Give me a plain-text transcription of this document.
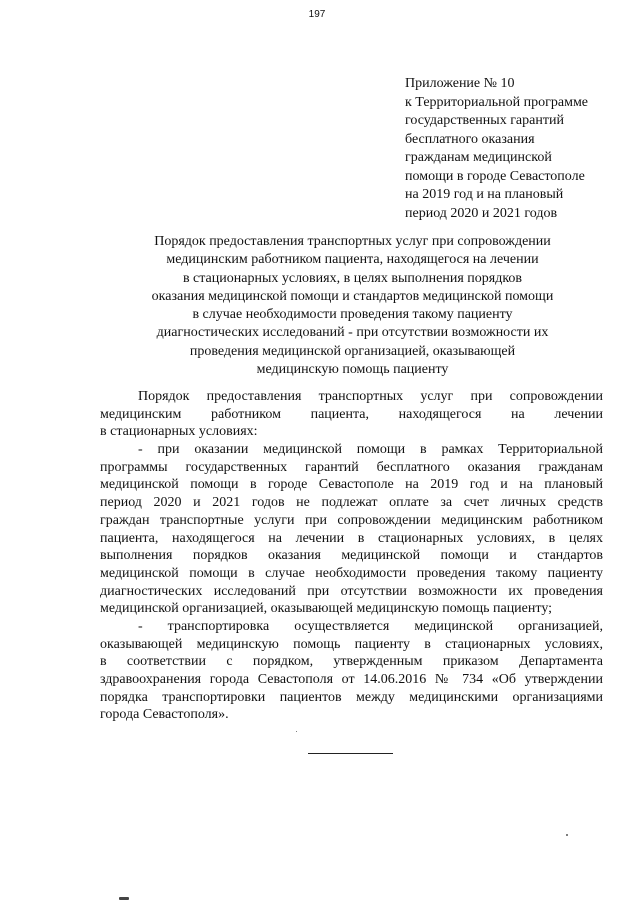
197
Приложение № 10
к Территориальной программе
государственных гарантий
бесплатного оказания
гражданам медицинской
помощи в городе Севастополе
на 2019 год и на плановый
период 2020 и 2021 годов
Порядок предоставления транспортных услуг при сопровождении
медицинским работником пациента, находящегося на лечении
в стационарных условиях, в целях выполнения порядков
оказания медицинской помощи и стандартов медицинской помощи
в случае необходимости проведения такому пациенту
диагностических исследований - при отсутствии возможности их
проведения медицинской организацией, оказывающей
медицинскую помощь пациенту
Порядок предоставления транспортных услуг при сопровождении
медицинским работником пациента, находящегося на лечении
в стационарных условиях:
- при оказании медицинской помощи в рамках Территориальной
программы государственных гарантий бесплатного оказания гражданам
медицинской помощи в городе Севастополе на 2019 год и на плановый
период 2020 и 2021 годов не подлежат оплате за счет личных средств
граждан транспортные услуги при сопровождении медицинским работником
пациента, находящегося на лечении в стационарных условиях, в целях
выполнения порядков оказания медицинской помощи и стандартов
медицинской помощи в случае необходимости проведения такому пациенту
диагностических исследований при отсутствии возможности их проведения
медицинской организацией, оказывающей медицинскую помощь пациенту;
- транспортировка осуществляется медицинской организацией,
оказывающей медицинскую помощь пациенту в стационарных условиях,
в соответствии с порядком, утвержденным приказом Департамента
здравоохранения города Севастополя от 14.06.2016 № 734 «Об утверждении
порядка транспортировки пациентов между медицинскими организациями
города Севастополя».
